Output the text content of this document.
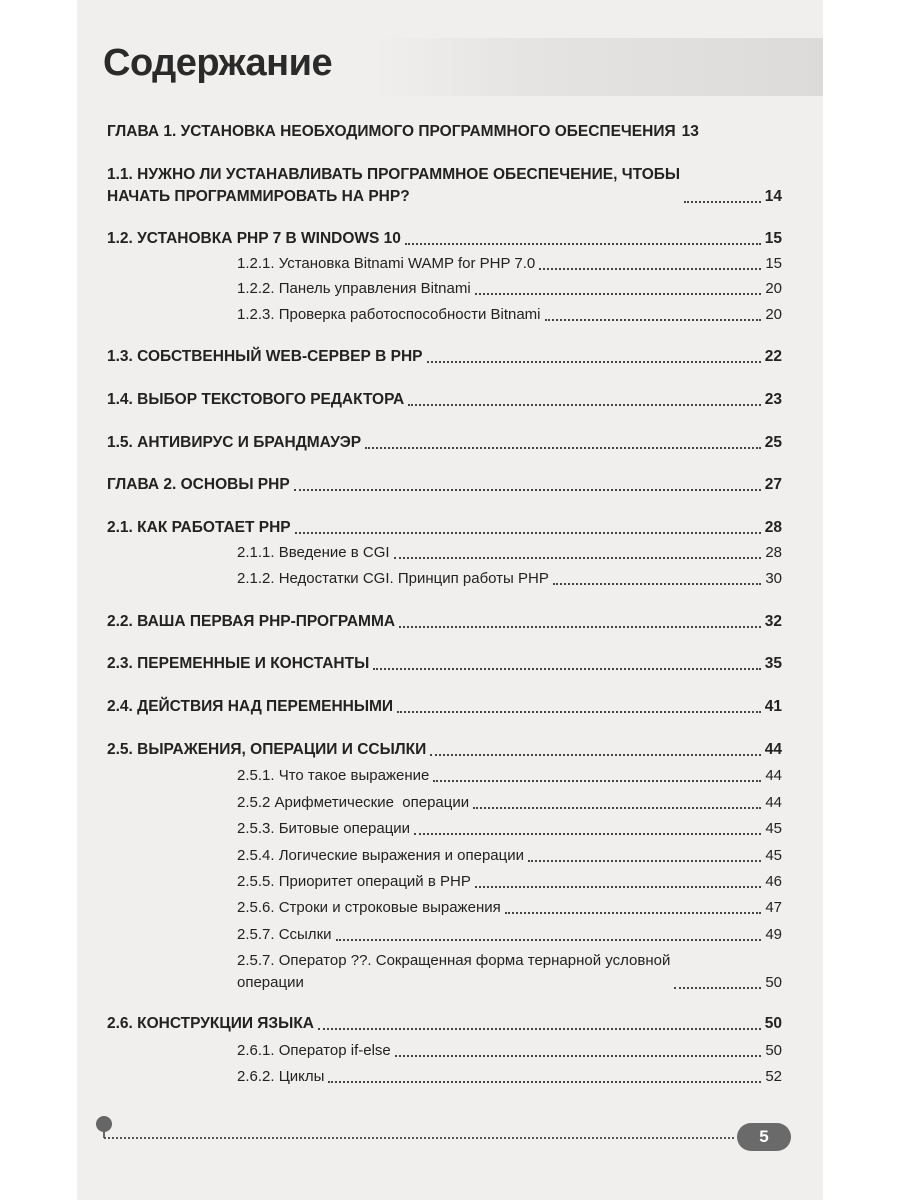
Содержание
ГЛАВА 1. УСТАНОВКА НЕОБХОДИМОГО ПРОГРАММНОГО ОБЕСПЕЧЕНИЯ 13
1.1. НУЖНО ЛИ УСТАНАВЛИВАТЬ ПРОГРАММНОЕ ОБЕСПЕЧЕНИЕ, ЧТОБЫ
НАЧАТЬ ПРОГРАММИРОВАТЬ НА PHP?	14
1.2. УСТАНОВКА PHP 7 В WINDOWS 10	15
1.2.1. Установка Bitnami WAMP for PHP 7.0	15
1.2.2. Панель управления Bitnami	20
1.2.3. Проверка работоспособности Bitnami	20
1.3. СОБСТВЕННЫЙ WEB-СЕРВЕР В PHP	22
1.4. ВЫБОР ТЕКСТОВОГО РЕДАКТОРА	23
1.5. АНТИВИРУС И БРАНДМАУЭР	25
ГЛАВА 2. ОСНОВЫ PHP	27
2.1. КАК РАБОТАЕТ PHP	28
2.1.1. Введение в CGI	28
2.1.2. Недостатки CGI. Принцип работы PHP	30
2.2. ВАША ПЕРВАЯ PHP-ПРОГРАММА	32
2.3. ПЕРЕМЕННЫЕ И КОНСТАНТЫ	35
2.4. ДЕЙСТВИЯ НАД ПЕРЕМЕННЫМИ	41
2.5. ВЫРАЖЕНИЯ, ОПЕРАЦИИ И ССЫЛКИ	44
2.5.1. Что такое выражение	44
2.5.2 Арифметические  операции	44
2.5.3. Битовые операции	45
2.5.4. Логические выражения и операции	45
2.5.5. Приоритет операций в PHP	46
2.5.6. Строки и строковые выражения	47
2.5.7. Ссылки	49
2.5.7. Оператор ??. Сокращенная форма тернарной условной
операции	50
2.6. КОНСТРУКЦИИ ЯЗЫКА	50
2.6.1. Оператор if-else	50
2.6.2. Циклы	52
5
